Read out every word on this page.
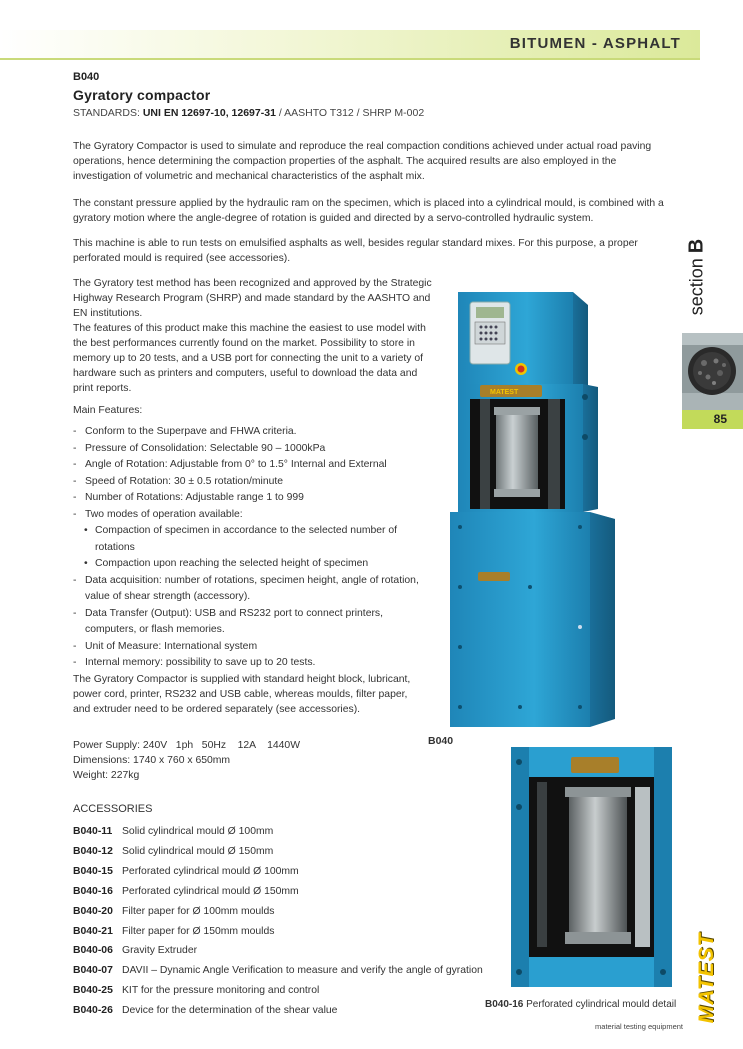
BITUMEN - ASPHALT
B040
Gyratory compactor
STANDARDS: UNI EN 12697-10, 12697-31 / AASHTO T312 / SHRP M-002

The Gyratory Compactor is used to simulate and reproduce the real compaction conditions achieved under actual road paving operations, hence determining the compaction properties of the asphalt. The acquired results are also employed in the investigation of volumetric and mechanical characteristics of the asphalt mix.

The constant pressure applied by the hydraulic ram on the specimen, which is placed into a cylindrical mould, is combined with a gyratory motion where the angle-degree of rotation is guided and directed by a servo-controlled hydraulic system.

This machine is able to run tests on emulsified asphalts as well, besides regular standard mixes. For this purpose, a proper perforated mould is required (see accessories).

The Gyratory test method has been recognized and approved by the Strategic Highway Research Program (SHRP) and made standard by the AASHTO and EN institutions.
The features of this product make this machine the easiest to use model with the best performances currently found on the market. Possibility to store in memory up to 20 tests, and a USB port for connecting the unit to a variety of hardware such as printers and computers, useful to download the data and print reports.
Main Features:
- Conform to the Superpave and FHWA criteria.
- Pressure of Consolidation: Selectable 90 – 1000kPa
- Angle of Rotation: Adjustable from 0° to 1.5° Internal and External
- Speed of Rotation: 30 ± 0.5 rotation/minute
- Number of Rotations: Adjustable range 1 to 999
- Two modes of operation available:
• Compaction of specimen in accordance to the selected number of rotations
• Compaction upon reaching the selected height of specimen
- Data acquisition: number of rotations, specimen height, angle of rotation, value of shear strength (accessory).
- Data Transfer (Output): USB and RS232 port to connect printers, computers, or flash memories.
- Unit of Measure: International system
- Internal memory: possibility to save up to 20 tests.

The Gyratory Compactor is supplied with standard height block, lubricant, power cord, printer, RS232 and USB cable, whereas moulds, filter paper, and extruder need to be ordered separately (see accessories).

Power Supply: 240V   1ph   50Hz    12A    1440W
Dimensions: 1740 x 760 x 650mm
Weight: 227kg
ACCESSORIES
B040-11 Solid cylindrical mould Ø 100mm
B040-12 Solid cylindrical mould Ø 150mm
B040-15 Perforated cylindrical mould Ø 100mm
B040-16 Perforated cylindrical mould Ø 150mm
B040-20 Filter paper for Ø 100mm moulds
B040-21 Filter paper for Ø 150mm moulds
B040-06 Gravity Extruder
B040-07 DAVII – Dynamic Angle Verification to measure and verify the angle of gyration
B040-25 KIT for the pressure monitoring and control
B040-26 Device for the determination of the shear value
section B
85
MATEST
B040
B040-16 Perforated cylindrical mould detail MATEST
material testing equipment
